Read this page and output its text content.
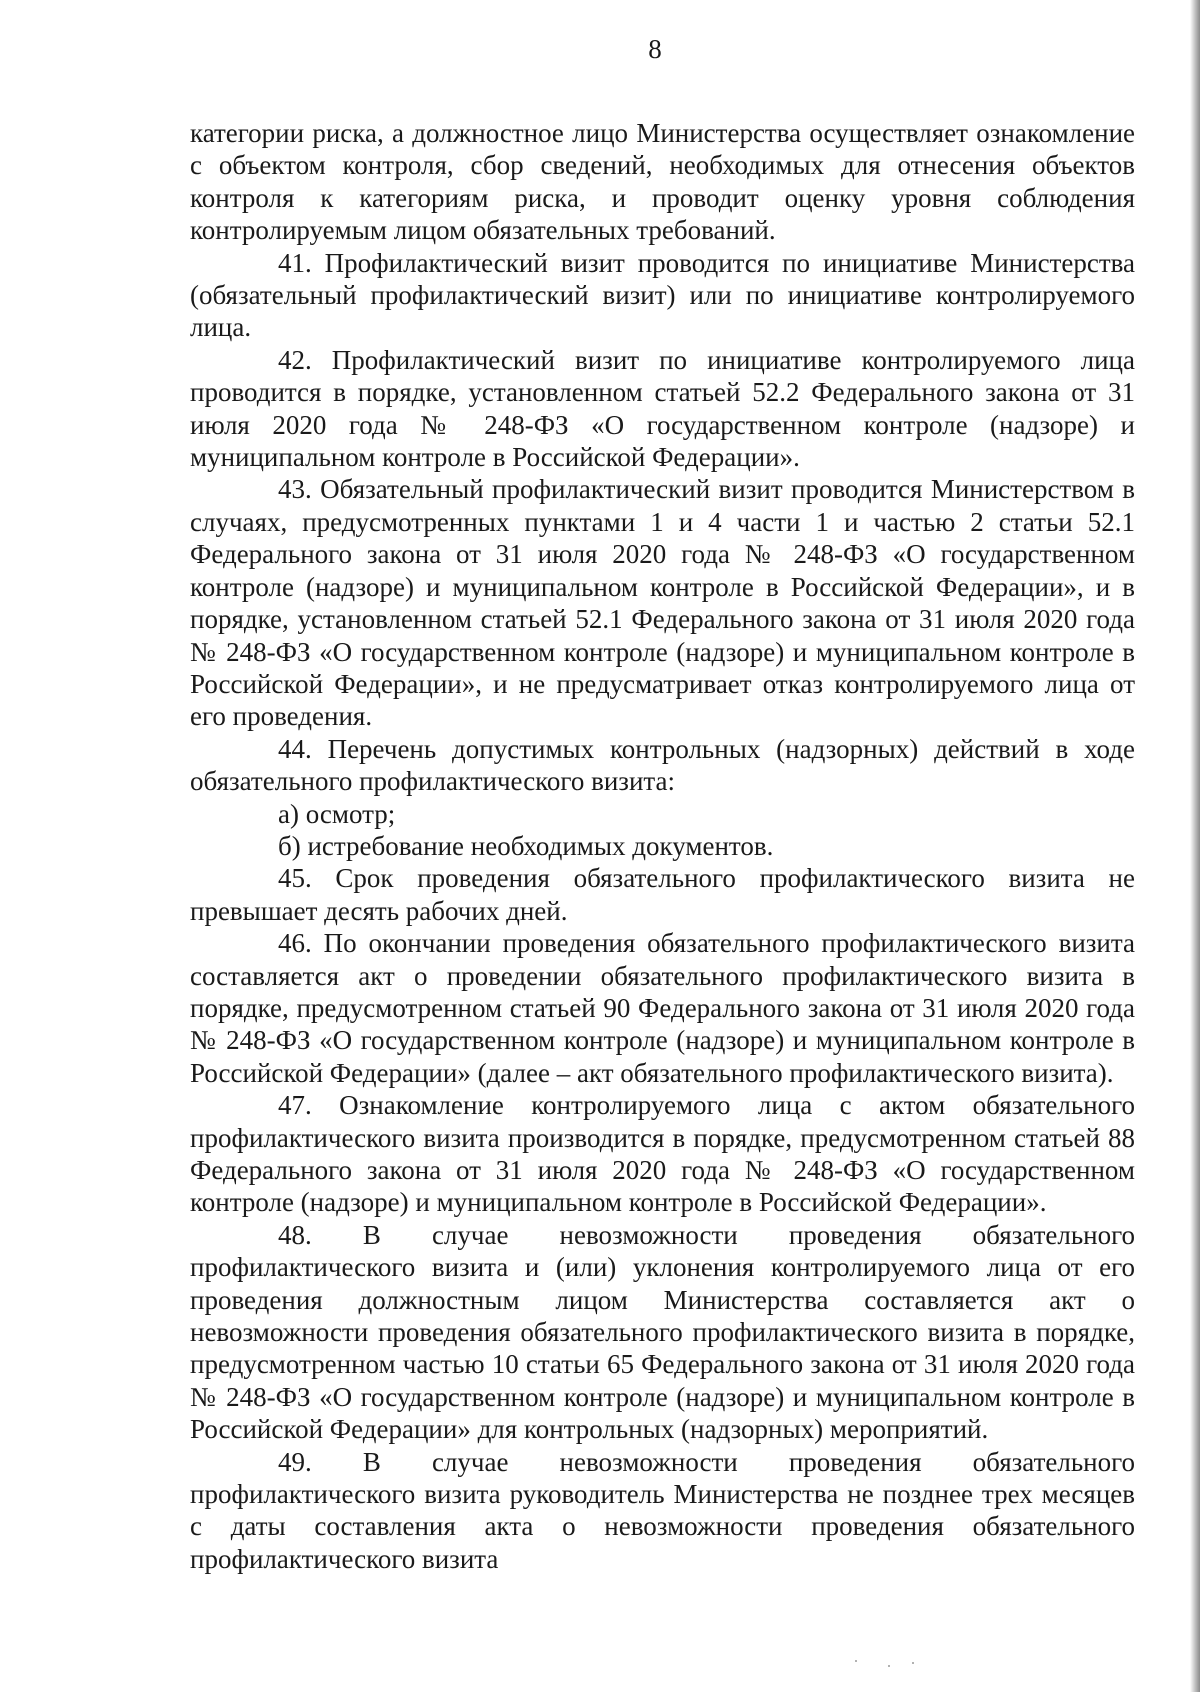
8

категории риска, а должностное лицо Министерства осуществляет ознакомление с объектом контроля, сбор сведений, необходимых для отнесения объектов контроля к категориям риска, и проводит оценку уровня соблюдения контролируемым лицом обязательных требований.

41. Профилактический визит проводится по инициативе Министерства (обязательный профилактический визит) или по инициативе контролируемого лица.

42. Профилактический визит по инициативе контролируемого лица проводится в порядке, установленном статьей 52.2 Федерального закона от 31 июля 2020 года № 248-ФЗ «О государственном контроле (надзоре) и муниципальном контроле в Российской Федерации».

43. Обязательный профилактический визит проводится Министерством в случаях, предусмотренных пунктами 1 и 4 части 1 и частью 2 статьи 52.1 Федерального закона от 31 июля 2020 года № 248-ФЗ «О государственном контроле (надзоре) и муниципальном контроле в Российской Федерации», и в порядке, установленном статьей 52.1 Федерального закона от 31 июля 2020 года № 248-ФЗ «О государственном контроле (надзоре) и муниципальном контроле в Российской Федерации», и не предусматривает отказ контролируемого лица от его проведения.

44. Перечень допустимых контрольных (надзорных) действий в ходе обязательного профилактического визита:

а) осмотр;

б) истребование необходимых документов.

45. Срок проведения обязательного профилактического визита не превышает десять рабочих дней.

46. По окончании проведения обязательного профилактического визита составляется акт о проведении обязательного профилактического визита в порядке, предусмотренном статьей 90 Федерального закона от 31 июля 2020 года № 248-ФЗ «О государственном контроле (надзоре) и муниципальном контроле в Российской Федерации» (далее – акт обязательного профилактического визита).

47. Ознакомление контролируемого лица с актом обязательного профилактического визита производится в порядке, предусмотренном статьей 88 Федерального закона от 31 июля 2020 года № 248-ФЗ «О государственном контроле (надзоре) и муниципальном контроле в Российской Федерации».

48. В случае невозможности проведения обязательного профилактического визита и (или) уклонения контролируемого лица от его проведения должностным лицом Министерства составляется акт о невозможности проведения обязательного профилактического визита в порядке, предусмотренном частью 10 статьи 65 Федерального закона от 31 июля 2020 года № 248-ФЗ «О государственном контроле (надзоре) и муниципальном контроле в Российской Федерации» для контрольных (надзорных) мероприятий.

49. В случае невозможности проведения обязательного профилактического визита руководитель Министерства не позднее трех месяцев с даты составления акта о невозможности проведения обязательного профилактического визита
